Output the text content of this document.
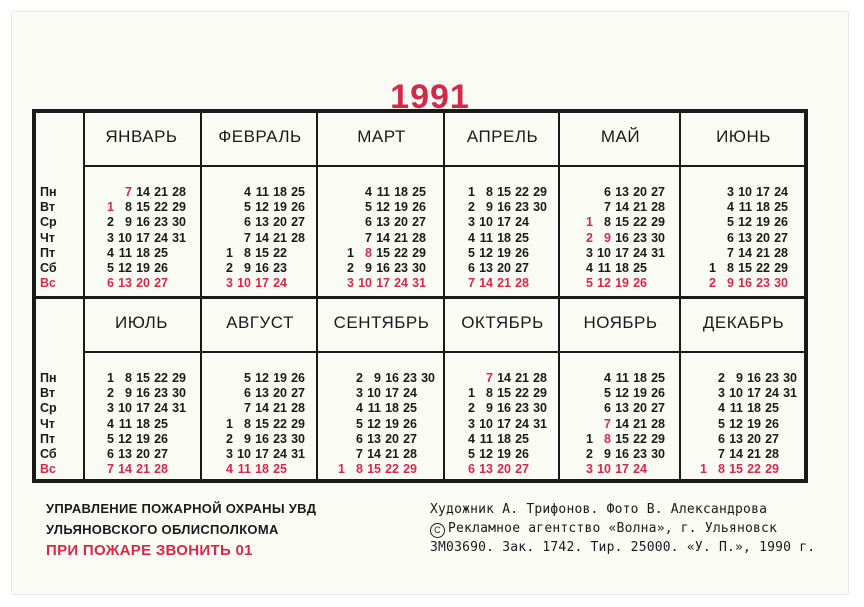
1991
Пн
Вт
Ср
Чт
Пт
Сб
Вс
ЯНВАРЬ
7 14 21 28
1 8 15 22 29
2 9 16 23 30
3 10 17 24 31
4 11 18 25
5 12 19 26
6 13 20 27
ФЕВРАЛЬ
4 11 18 25
5 12 19 26
6 13 20 27
7 14 21 28
1 8 15 22
2 9 16 23
3 10 17 24
МАРТ
4 11 18 25
5 12 19 26
6 13 20 27
7 14 21 28
1 8 15 22 29
2 9 16 23 30
3 10 17 24 31
АПРЕЛЬ
1 8 15 22 29
2 9 16 23 30
3 10 17 24
4 11 18 25
5 12 19 26
6 13 20 27
7 14 21 28
МАЙ
6 13 20 27
7 14 21 28
1 8 15 22 29
2 9 16 23 30
3 10 17 24 31
4 11 18 25
5 12 19 26
ИЮНЬ
3 10 17 24
4 11 18 25
5 12 19 26
6 13 20 27
7 14 21 28
1 8 15 22 29
2 9 16 23 30
Пн
Вт
Ср
Чт
Пт
Сб
Вс
ИЮЛЬ
1 8 15 22 29
2 9 16 23 30
3 10 17 24 31
4 11 18 25
5 12 19 26
6 13 20 27
7 14 21 28
АВГУСТ
5 12 19 26
6 13 20 27
7 14 21 28
1 8 15 22 29
2 9 16 23 30
3 10 17 24 31
4 11 18 25
СЕНТЯБРЬ
2 9 16 23 30
3 10 17 24
4 11 18 25
5 12 19 26
6 13 20 27
7 14 21 28
1 8 15 22 29
ОКТЯБРЬ
7 14 21 28
1 8 15 22 29
2 9 16 23 30
3 10 17 24 31
4 11 18 25
5 12 19 26
6 13 20 27
НОЯБРЬ
4 11 18 25
5 12 19 26
6 13 20 27
7 14 21 28
1 8 15 22 29
2 9 16 23 30
3 10 17 24
ДЕКАБРЬ
2 9 16 23 30
3 10 17 24 31
4 11 18 25
5 12 19 26
6 13 20 27
7 14 21 28
1 8 15 22 29
УПРАВЛЕНИЕ ПОЖАРНОЙ ОХРАНЫ УВД
УЛЬЯНОВСКОГО ОБЛИСПОЛКОМА
ПРИ ПОЖАРЕ ЗВОНИТЬ 01
Художник А. Трифонов. Фото В. Александрова
C Рекламное агентство «Волна», г. Ульяновск
ЗМ03690. Зак. 1742. Тир. 25000. «У. П.», 1990 г.
